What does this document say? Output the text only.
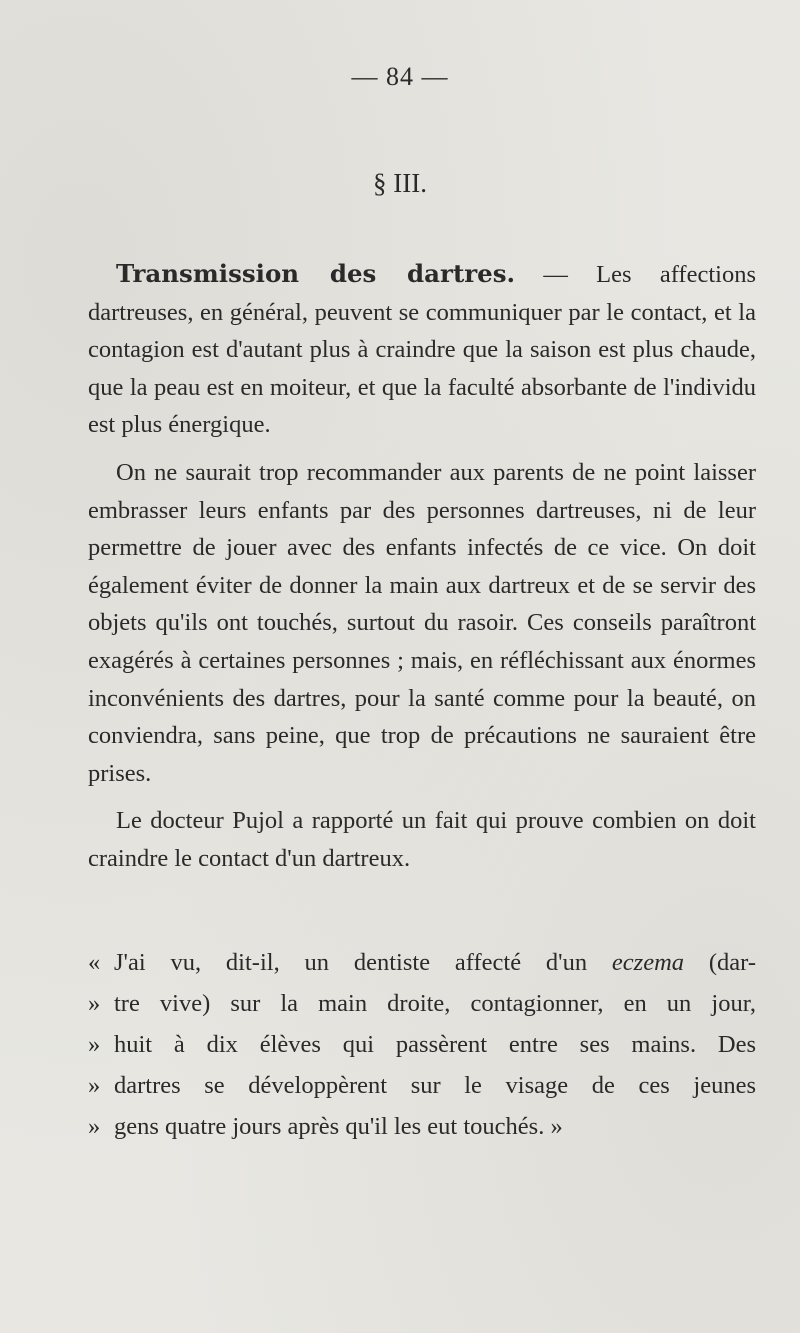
— 84 —
§ III.

Transmission des dartres. — Les affections dartreuses, en général, peuvent se communiquer par le contact, et la contagion est d'autant plus à craindre que la saison est plus chaude, que la peau est en moiteur, et que la faculté absorbante de l'individu est plus énergique.

On ne saurait trop recommander aux parents de ne point laisser embrasser leurs enfants par des personnes dartreuses, ni de leur permettre de jouer avec des enfants infectés de ce vice. On doit également éviter de donner la main aux dartreux et de se servir des objets qu'ils ont touchés, surtout du rasoir. Ces conseils paraîtront exagérés à certaines personnes ; mais, en réfléchissant aux énormes inconvénients des dartres, pour la santé comme pour la beauté, on conviendra, sans peine, que trop de précautions ne sauraient être prises.

Le docteur Pujol a rapporté un fait qui prouve combien on doit craindre le contact d'un dartreux.

« J'ai vu, dit-il, un dentiste affecté d'un eczema (dar-
» tre vive) sur la main droite, contagionner, en un jour,
» huit à dix élèves qui passèrent entre ses mains. Des
» dartres se développèrent sur le visage de ces jeunes
» gens quatre jours après qu'il les eut touchés. »
